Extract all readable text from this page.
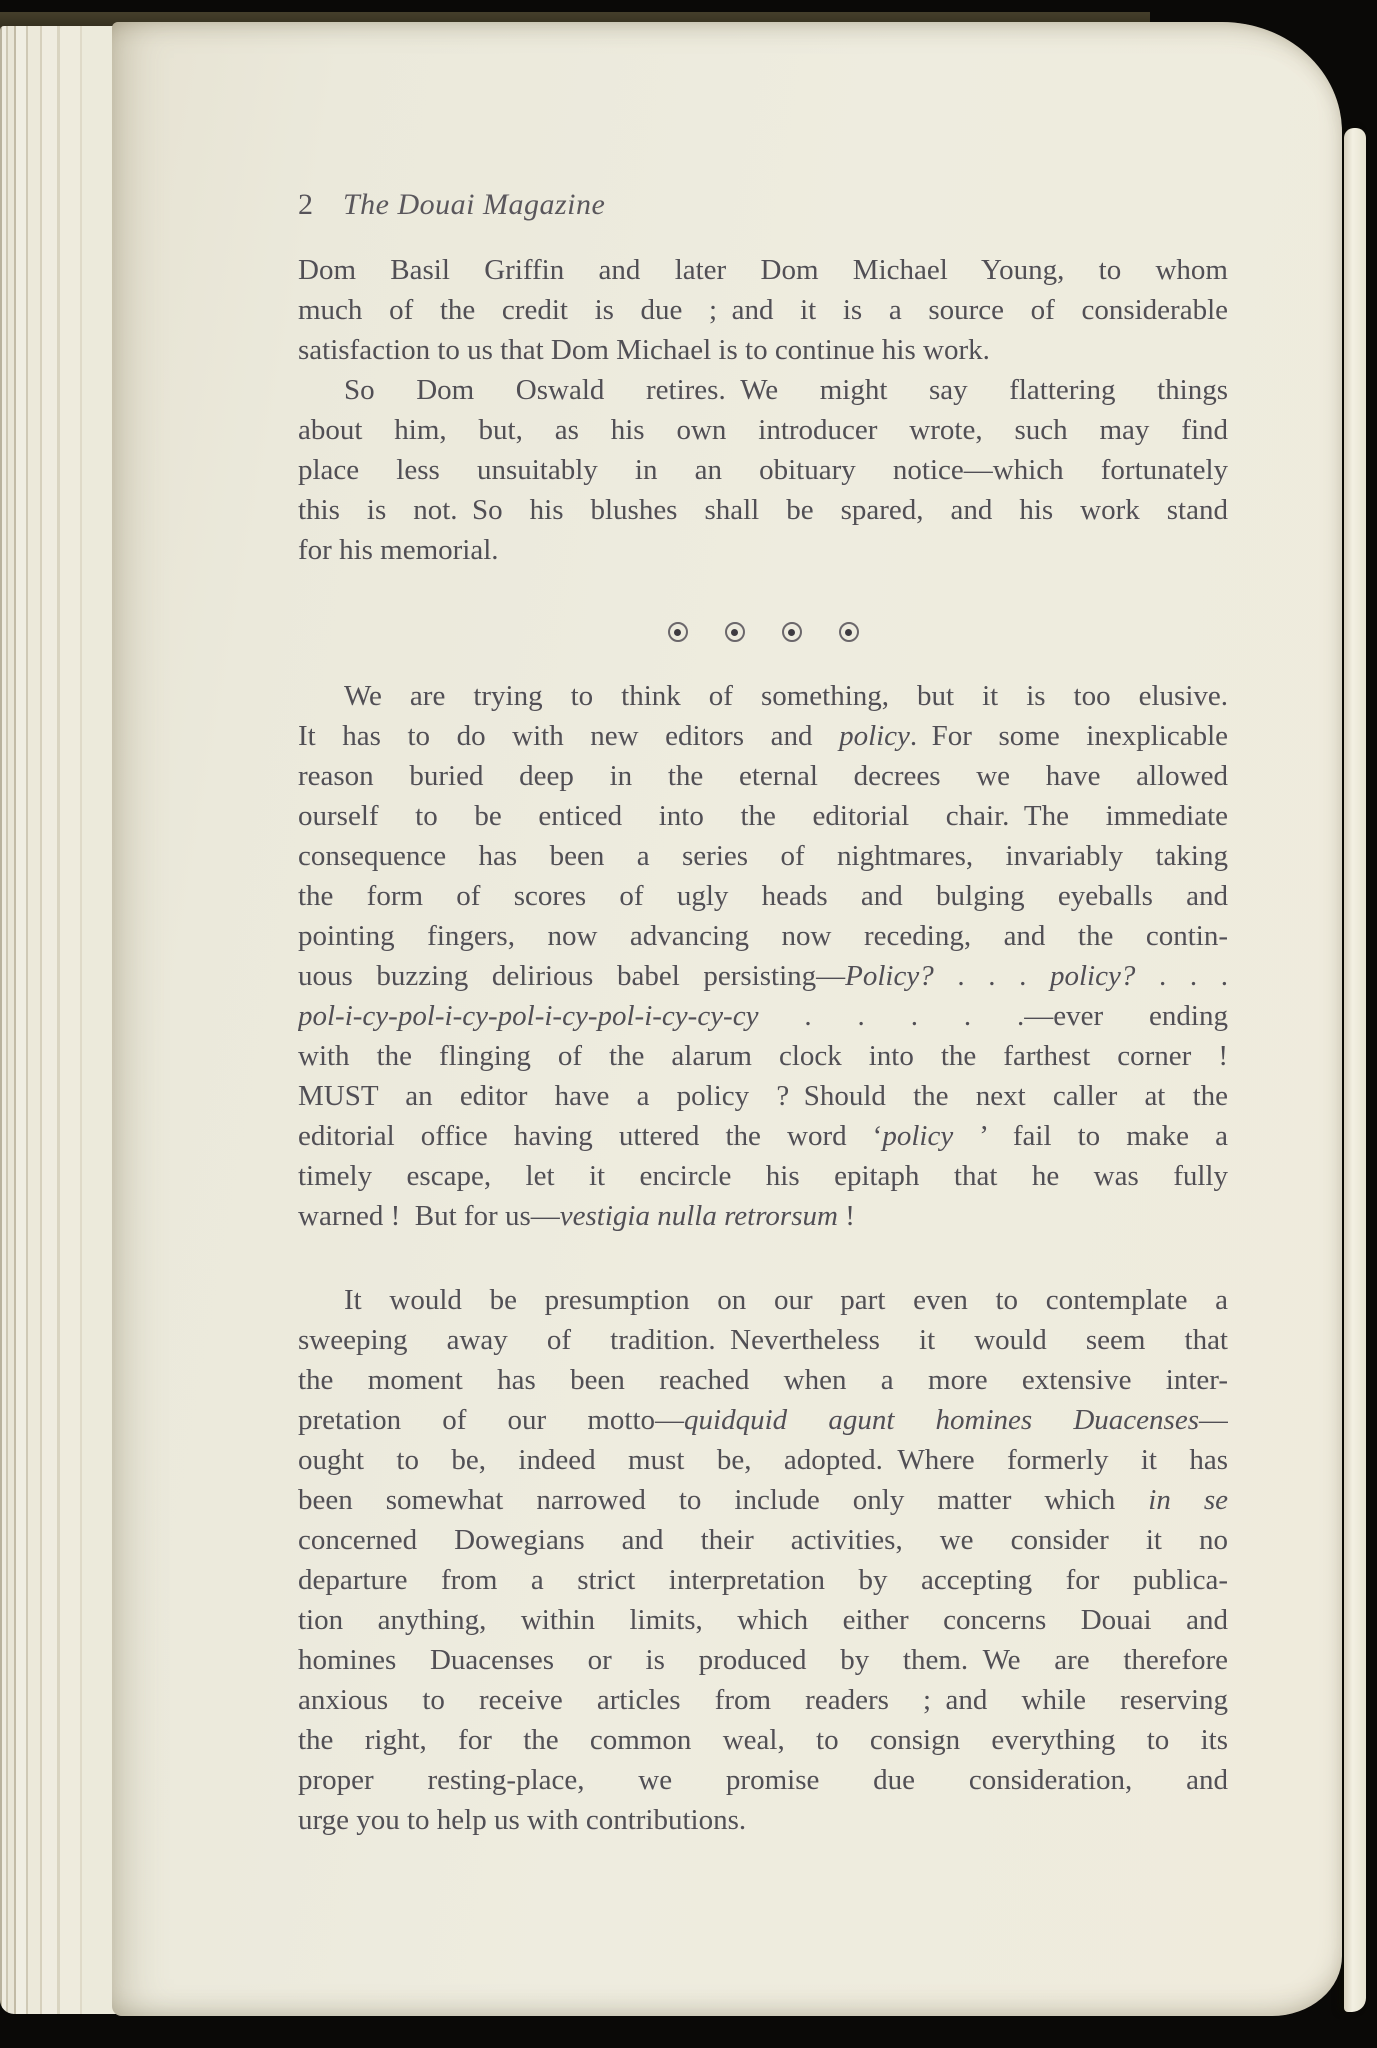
2 The Douai Magazine
Dom Basil Griffin and later Dom Michael Young, to whom
much of the credit is due ; and it is a source of considerable
satisfaction to us that Dom Michael is to continue his work.
So Dom Oswald retires. We might say flattering things
about him, but, as his own introducer wrote, such may find
place less unsuitably in an obituary notice—which fortunately
this is not. So his blushes shall be spared, and his work stand
for his memorial.
We are trying to think of something, but it is too elusive.
It has to do with new editors and policy. For some inexplicable
reason buried deep in the eternal decrees we have allowed
ourself to be enticed into the editorial chair. The immediate
consequence has been a series of nightmares, invariably taking
the form of scores of ugly heads and bulging eyeballs and
pointing fingers, now advancing now receding, and the contin-
uous buzzing delirious babel persisting—Policy? . . . policy? . . .
pol-i-cy-pol-i-cy-pol-i-cy-pol-i-cy-cy-cy . . . . .—ever ending
with the flinging of the alarum clock into the farthest corner !
MUST an editor have a policy ? Should the next caller at the
editorial office having uttered the word ‘policy ’ fail to make a
timely escape, let it encircle his epitaph that he was fully
warned ! But for us—vestigia nulla retrorsum !
It would be presumption on our part even to contemplate a
sweeping away of tradition. Nevertheless it would seem that
the moment has been reached when a more extensive inter-
pretation of our motto—quidquid agunt homines Duacenses—
ought to be, indeed must be, adopted. Where formerly it has
been somewhat narrowed to include only matter which in se
concerned Dowegians and their activities, we consider it no
departure from a strict interpretation by accepting for publica-
tion anything, within limits, which either concerns Douai and
homines Duacenses or is produced by them. We are therefore
anxious to receive articles from readers ; and while reserving
the right, for the common weal, to consign everything to its
proper resting-place, we promise due consideration, and
urge you to help us with contributions.
